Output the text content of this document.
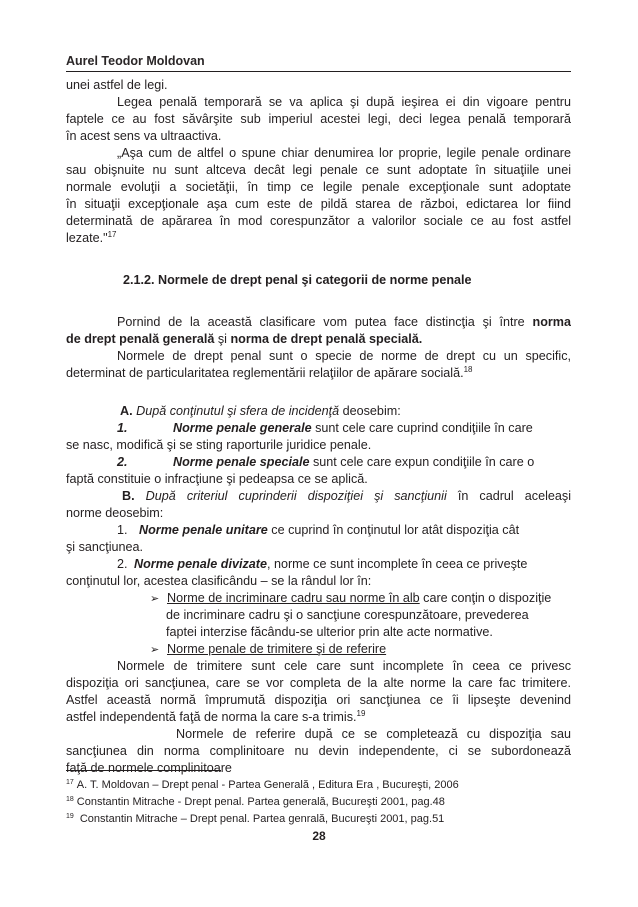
Aurel Teodor Moldovan
unei astfel de legi.
Legea penală temporară se va aplica şi după ieşirea ei din vigoare pentru
faptele ce au fost săvârşite sub imperiul acestei legi, deci legea penală temporară
în acest sens va ultraactiva.
„Aşa cum de altfel o spune chiar denumirea lor proprie, legile penale ordinare
sau obişnuite nu sunt altceva decât legi penale ce sunt adoptate în situaţiile unei
normale evoluţii a societăţii, în timp ce legile penale excepţionale sunt adoptate
în situaţii excepţionale aşa cum este de pildă starea de război, edictarea lor fiind
determinată de apărarea în mod corespunzător a valorilor sociale ce au fost astfel
lezate."$^{17}$
2.1.2. Normele de drept penal şi categorii de norme penale
Pornind de la această clasificare vom putea face distincţia şi între norma
de drept penală generală şi norma de drept penală specială.
Normele de drept penal sunt o specie de norme de drept cu un specific,
determinat de particularitatea reglementării relaţiilor de apărare socială.$^{18}$
A. După conţinutul şi sfera de incidenţă deosebim:
1.	Norme penale generale sunt cele care cuprind condiţiile în care
se nasc, modifică şi se sting raporturile juridice penale.
2.	Norme penale speciale sunt cele care expun condiţiile în care o
faptă constituie o infracţiune şi pedeapsa ce se aplică.
B. După criteriul cuprinderii dispoziţiei şi sancţiunii în cadrul aceleaşi
norme deosebim:
1. Norme penale unitare ce cuprind în conţinutul lor atât dispoziţia cât
şi sancţiunea.
2. Norme penale divizate, norme ce sunt incomplete în ceea ce priveşte
conţinutul lor, acestea clasificându – se la rândul lor în:
➢ Norme de incriminare cadru sau norme în alb care conţin o dispoziţie
de incriminare cadru şi o sancţiune corespunzătoare, prevederea
faptei interzise făcându-se ulterior prin alte acte normative.
➢ Norme penale de trimitere şi de referire
Normele de trimitere sunt cele care sunt incomplete în ceea ce privesc
dispoziţia ori sancţiunea, care se vor completa de la alte norme la care fac trimitere.
Astfel această normă împrumută dispoziţia ori sancţiunea ce îi lipseşte devenind
astfel independentă faţă de norma la care s-a trimis.$^{19}$
Normele de referire după ce se completează cu dispoziţia sau
sancţiunea din norma complinitoare nu devin independente, ci se subordonează
faţă de normele complinitoare
$^{17}$ A. T. Moldovan – Drept penal - Partea Generală , Editura Era , Bucureşti, 2006
$^{18}$ Constantin Mitrache - Drept penal. Partea generală, Bucureşti 2001, pag.48
$^{19}$ Constantin Mitrache – Drept penal. Partea genrală, Bucureşti 2001, pag.51
28
